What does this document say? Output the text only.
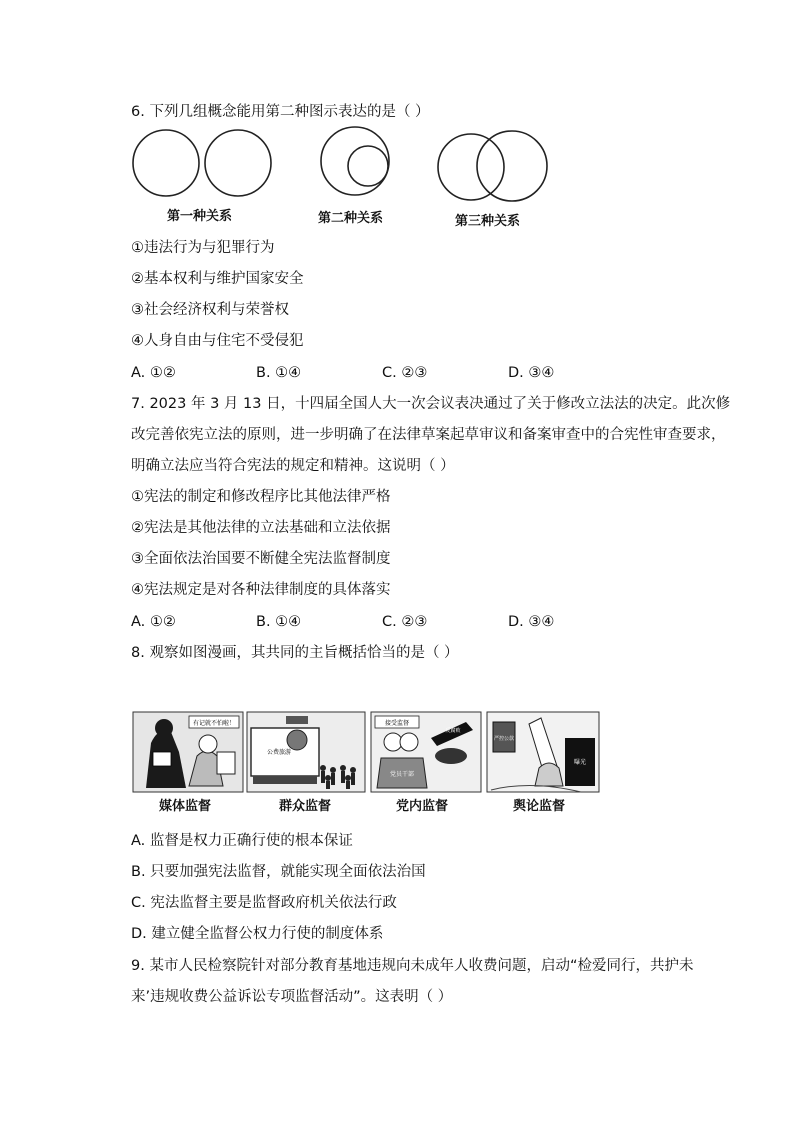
6. 下列几组概念能用第二种图示表达的是（ ）
第一种关系	第二种关系	第三种关系
①违法行为与犯罪行为
②基本权利与维护国家安全
③社会经济权利与荣誉权
④人身自由与住宅不受侵犯
A. ①②	B. ①④	C. ②③	D. ③④
7. 2023 年 3 月 13 日，十四届全国人大一次会议表决通过了关于修改立法法的决定。此次修
改完善依宪立法的原则，进一步明确了在法律草案起草审议和备案审查中的合宪性审查要求，
明确立法应当符合宪法的规定和精神。这说明（ ）
①宪法的制定和修改程序比其他法律严格
②宪法是其他法律的立法基础和立法依据
③全面依法治国要不断健全宪法监督制度
④宪法规定是对各种法律制度的具体落实
A. ①②	B. ①④	C. ②③	D. ③④
8. 观察如图漫画，其共同的主旨概括恰当的是（ ）
有记就不怕啦！
公费旅游
接受监督
党员干部
反腐败
严控公款
曝光
媒体监督	群众监督	党内监督	舆论监督
A. 监督是权力正确行使的根本保证
B. 只要加强宪法监督，就能实现全面依法治国
C. 宪法监督主要是监督政府机关依法行政
D. 建立健全监督公权力行使的制度体系
9. 某市人民检察院针对部分教育基地违规向未成年人收费问题，启动“检爱同行，共护未
来’违规收费公益诉讼专项监督活动”。这表明（ ）
